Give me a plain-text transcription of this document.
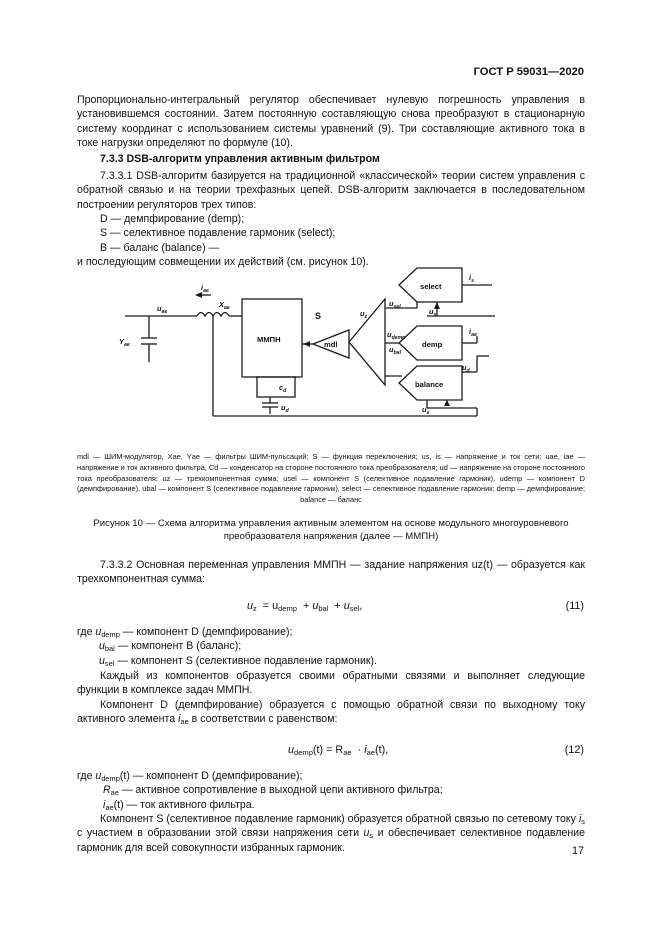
ГОСТ Р 59031—2020
Пропорционально-интегральный регулятор обеспечивает нулевую погрешность управления в установившемся состоянии. Затем постоянную составляющую снова преобразуют в стационарную систему координат с использованием системы уравнений (9). Три составляющие активного тока в токе нагрузки определяют по формуле (10).
7.3.3 DSB-алгоритм управления активным фильтром
7.3.3.1 DSB-алгоритм базируется на традиционной «классической» теории систем управления с обратной связью и на теории трехфазных цепей. DSB-алгоритм заключается в последовательном построении регуляторов трех типов:
D — демпфирование (demp);
S — селективное подавление гармоник (select);
B — баланс (balance) —
и последующим совмещении их действий (см. рисунок 10).
$u_{ae}$
$i_{ae}$
$X_{ae}$
$Y_{ae}$
$u_z$
$c_d$
$u_d$
$u_{sel}$
$u_{demp}$
$u_{bal}$
$i_s$
$u_s$
$i_{ae}$
$u_d$
$u_s$
ММПН
S
mdl
select
demp
balance
mdl — ШИМ-модулятор, Xае, Yае — фильтры ШИМ-пульсаций; S — функция переключения; us, is — напряжение и ток сети; uае, iае — напряжение и ток активного фильтра, Cd — конденсатор на стороне постоянного тока преобразователя; ud — напряжение на стороне постоянного тока преобразователя; uz — трехкомпонентная сумма; usel — компонент S (селективное подавление гармоник), udemp — компонент D (демпфирование), ubal — компонент S (селективное подавление гармоник), select — селективное подавление гармоник; demp — демпфирование; balance — баланс
Рисунок 10 — Схема алгоритма управления активным элементом на основе модульного многоуровневого преобразователя напряжения (далее — ММПН)
7.3.3.2 Основная переменная управления ММПН — задание напряжения uz(t) — образуется как трехкомпонентная сумма:
$u_z = u_{demp} + u_{bal} + u_{sel}$,	(11)
где $u_{demp}$ — компонент D (демпфирование);
$u_{bal}$ — компонент B (баланс);
$u_{sel}$ — компонент S (селективное подавление гармоник).
Каждый из компонентов образуется своими обратными связями и выполняет следующие функции в комплексе задач ММПН.
Компонент D (демпфирование) образуется с помощью обратной связи по выходному току активного элемента $i_{ae}$ в соответствии с равенством:
$u_{demp}(t) = R_{ae} \cdot i_{ae}(t)$,	(12)
где $u_{demp}(t)$ — компонент D (демпфирование);
$R_{ae}$ — активное сопротивление в выходной цепи активного фильтра;
$i_{ae}(t)$ — ток активного фильтра.
Компонент S (селективное подавление гармоник) образуется обратной связью по сетевому току $i_s$ с участием в образовании этой связи напряжения сети $u_s$ и обеспечивает селективное подавление гармоник для всей совокупности избранных гармоник.	17
